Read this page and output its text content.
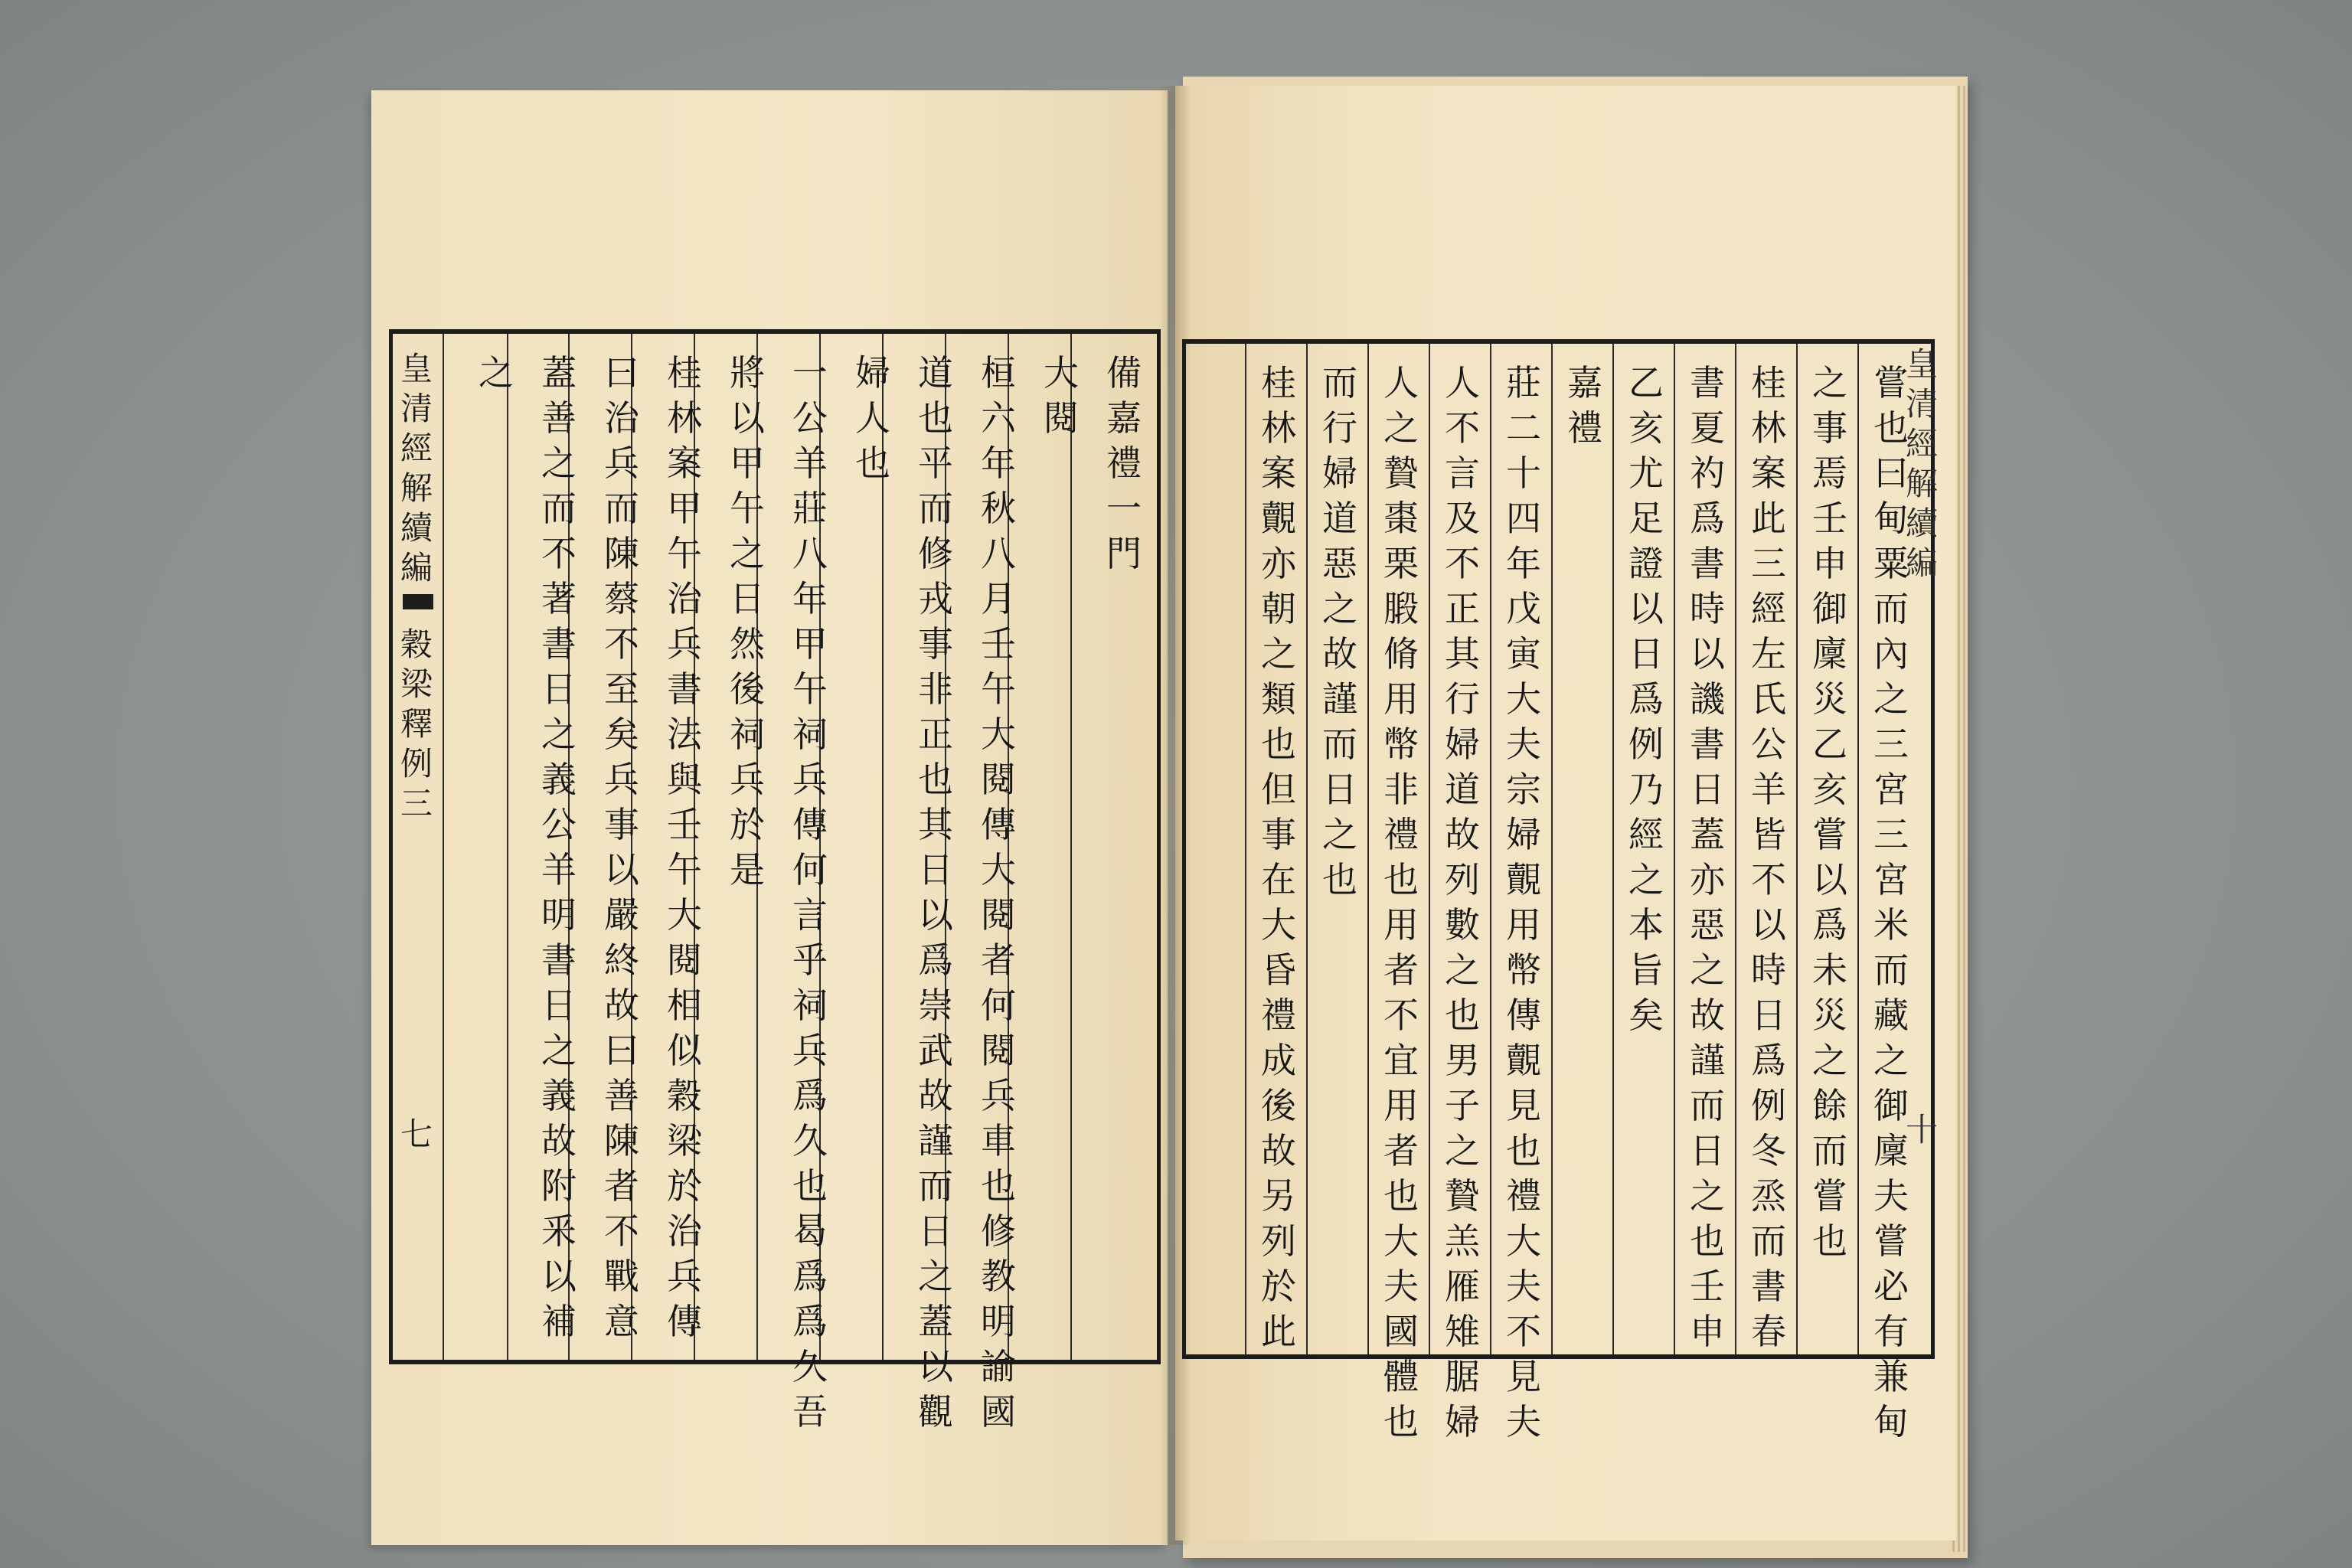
備
嘉
禮
一
門
大
閱
桓
六
年
秋
八
月
壬
午
大
閱
傳
大
閱
者
何
閱
兵
車
也
修
教
明
諭
國
道
也
平
而
修
戎
事
非
正
也
其
日
以
爲
崇
武
故
謹
而
日
之
蓋
以
觀
婦
人
也
一
公
羊
莊
八
年
甲
午
祠
兵
傳
何
言
乎
祠
兵
爲
久
也
曷
爲
爲
久
吾
將
以
甲
午
之
日
然
後
祠
兵
於
是
桂
林
案
甲
午
治
兵
書
法
與
壬
午
大
閱
相
似
穀
梁
於
治
兵
傳
曰
治
兵
而
陳
蔡
不
至
矣
兵
事
以
嚴
終
故
曰
善
陳
者
不
戰
意
蓋
善
之
而
不
著
書
日
之
義
公
羊
明
書
日
之
義
故
附
釆
以
補
之
皇
清
經
解
續
編
穀
梁
釋
例
三
七
嘗
也
曰
甸
粟
而
內
之
三
宮
三
宮
米
而
藏
之
御
廩
夫
嘗
必
有
兼
甸
之
事
焉
壬
申
御
廩
災
乙
亥
嘗
以
爲
未
災
之
餘
而
嘗
也
桂
林
案
此
三
經
左
氏
公
羊
皆
不
以
時
日
爲
例
冬
烝
而
書
春
書
夏
礿
爲
書
時
以
譏
書
日
蓋
亦
惡
之
故
謹
而
日
之
也
壬
申
乙
亥
尤
足
證
以
日
爲
例
乃
經
之
本
旨
矣
嘉
禮
莊
二
十
四
年
戊
寅
大
夫
宗
婦
覿
用
幣
傳
覿
見
也
禮
大
夫
不
見
夫
人
不
言
及
不
正
其
行
婦
道
故
列
數
之
也
男
子
之
贄
羔
雁
雉
腒
婦
人
之
贄
棗
栗
腶
脩
用
幣
非
禮
也
用
者
不
宜
用
者
也
大
夫
國
體
也
而
行
婦
道
惡
之
故
謹
而
日
之
也
桂
林
案
覿
亦
朝
之
類
也
但
事
在
大
昏
禮
成
後
故
另
列
於
此
皇
清
經
解
續
編
十
